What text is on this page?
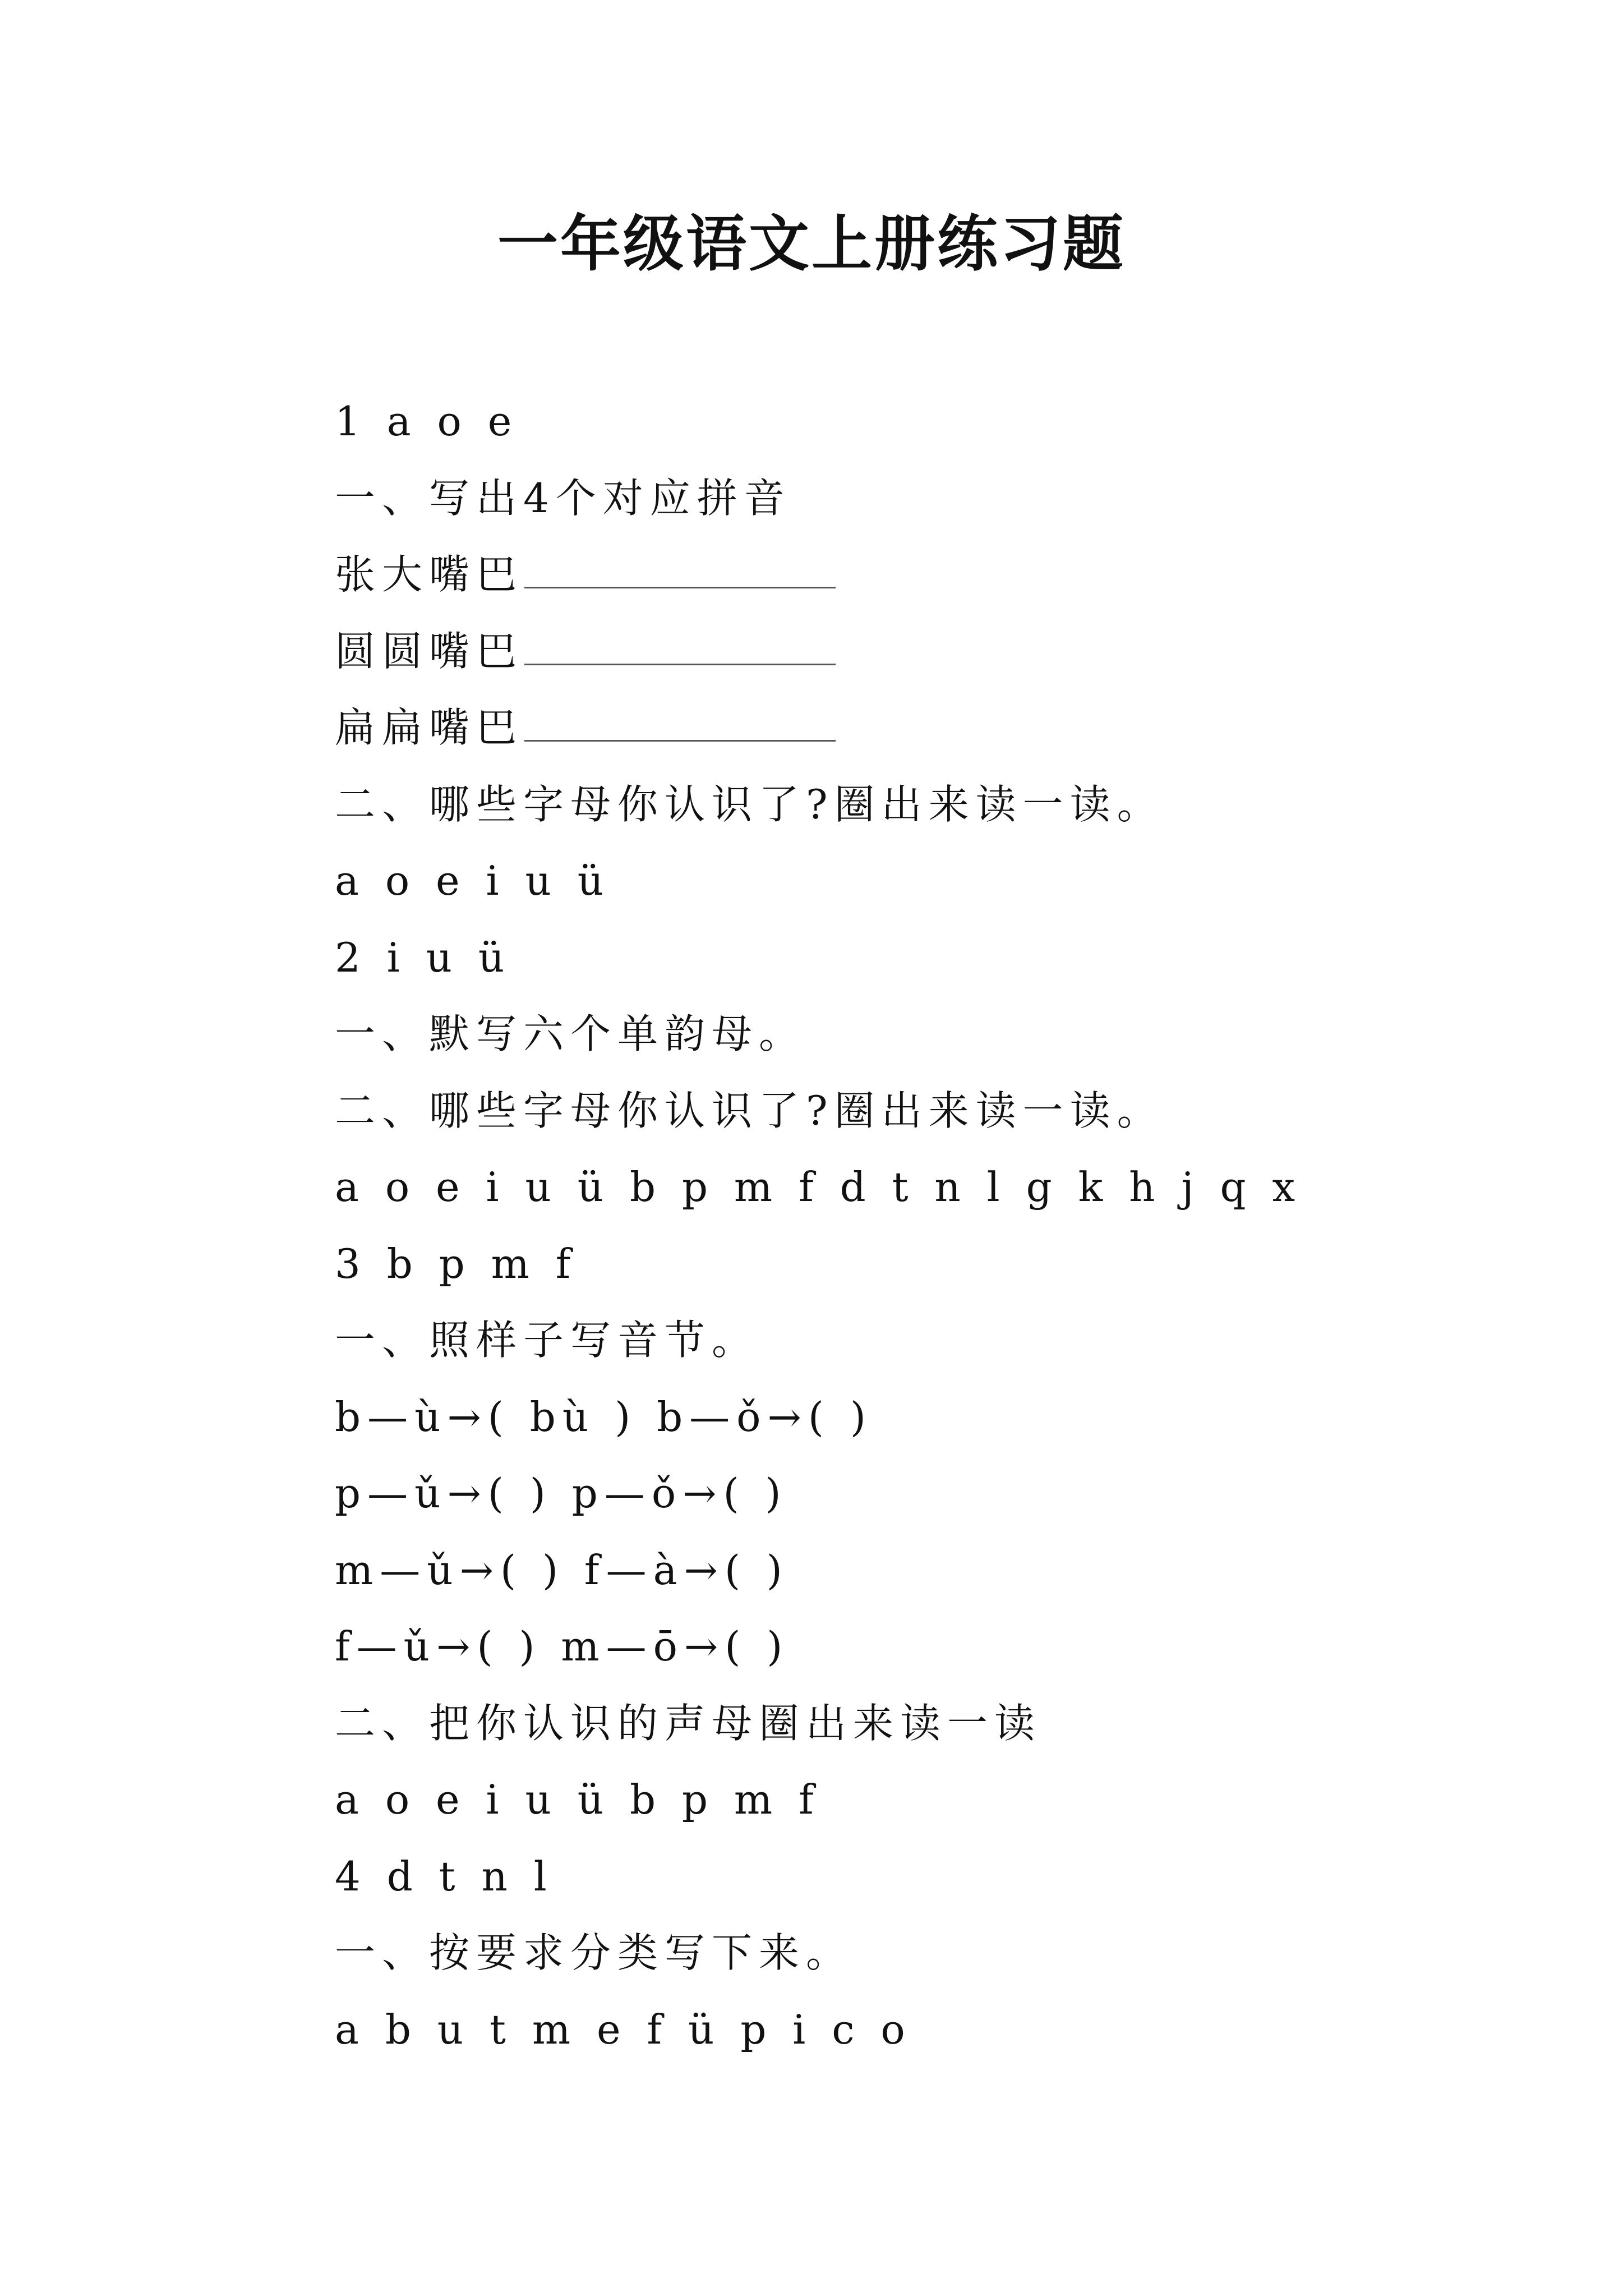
一年级语文上册练习题
1 a o e
一、写出4个对应拼音
张大嘴巴
圆圆嘴巴
扁扁嘴巴
二、哪些字母你认识了?圈出来读一读。
a o e i u ü
2 i u ü
一、默写六个单韵母。
二、哪些字母你认识了?圈出来读一读。
a o e i u ü b p m f d t n l g k h j q x
3 b p m f
一、照样子写音节。
b—ù→( bù ) b—ǒ→( )
p—ǔ→( ) p—ǒ→( )
m—ǔ→( ) f—à→( )
f—ǔ→( ) m—ō→( )
二、把你认识的声母圈出来读一读
a o e i u ü b p m f
4 d t n l
一、按要求分类写下来。
a b u t m e f ü p i c o
